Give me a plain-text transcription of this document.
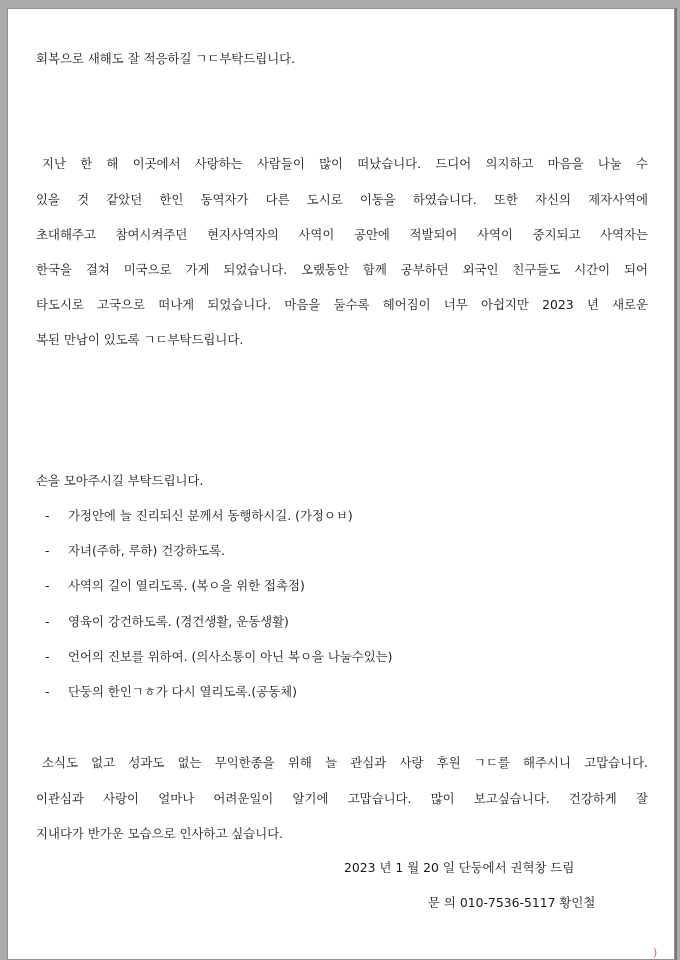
회복으로 새해도 잘 적응하길 ㄱㄷ부탁드립니다.
지난 한 해 이곳에서 사랑하는 사람들이 많이 떠났습니다. 드디어 의지하고 마음을 나눌 수
있을 것 같았던 한인 동역자가 다른 도시로 이동을 하였습니다. 또한 자신의 제자사역에
초대해주고 참여시켜주던 현지사역자의 사역이 공안에 적발되어 사역이 중지되고 사역자는
한국을 걸쳐 미국으로 가게 되었습니다. 오랬동안 함께 공부하던 외국인 친구들도 시간이 되어
타도시로 고국으로 떠나게 되었습니다. 마음을 둘수록 헤어짐이 너무 아쉽지만 2023 년 새로운
복된 만남이 있도록 ㄱㄷ부탁드립니다.
손을 모아주시길 부탁드립니다.
- 가정안에 늘 진리되신 분께서 동행하시길. (가정ㅇㅂ)
- 자녀(주하, 루하) 건강하도록.
- 사역의 길이 열리도록. (복ㅇ을 위한 접촉점)
- 영육이 강건하도록. (경건생활, 운동생활)
- 언어의 진보를 위하여. (의사소통이 아닌 복ㅇ을 나눌수있는)
- 단둥의 한인ㄱㅎ가 다시 열리도록.(공동체)
소식도 없고 성과도 없는 무익한종을 위해 늘 관심과 사랑 후원 ㄱㄷ를 해주시니 고맙습니다.
이관심과 사랑이 얼마나 어려운일이 알기에 고맙습니다. 많이 보고싶습니다. 건강하게 잘
지내다가 반가운 모습으로 인사하고 싶습니다.
2023 년 1 월 20 일 단둥에서 권혁창 드림
문 의 010-7536-5117 황인철
)
